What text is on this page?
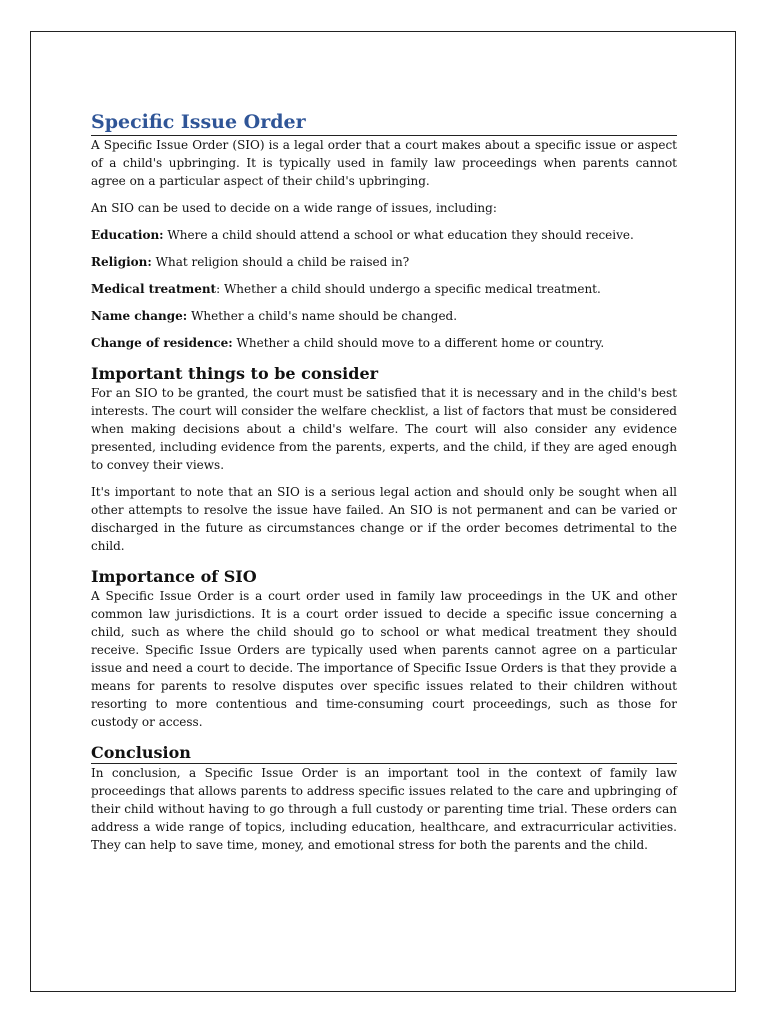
Specific Issue Order

A Specific Issue Order (SIO) is a legal order that a court makes about a specific issue or aspect of a child's upbringing. It is typically used in family law proceedings when parents cannot agree on a particular aspect of their child's upbringing.

An SIO can be used to decide on a wide range of issues, including:

Education: Where a child should attend a school or what education they should receive.

Religion: What religion should a child be raised in?

Medical treatment: Whether a child should undergo a specific medical treatment.

Name change: Whether a child's name should be changed.

Change of residence: Whether a child should move to a different home or country.

Important things to be consider

For an SIO to be granted, the court must be satisfied that it is necessary and in the child's best interests. The court will consider the welfare checklist, a list of factors that must be considered when making decisions about a child's welfare. The court will also consider any evidence presented, including evidence from the parents, experts, and the child, if they are aged enough to convey their views.

It's important to note that an SIO is a serious legal action and should only be sought when all other attempts to resolve the issue have failed. An SIO is not permanent and can be varied or discharged in the future as circumstances change or if the order becomes detrimental to the child.

Importance of SIO

A Specific Issue Order is a court order used in family law proceedings in the UK and other common law jurisdictions. It is a court order issued to decide a specific issue concerning a child, such as where the child should go to school or what medical treatment they should receive. Specific Issue Orders are typically used when parents cannot agree on a particular issue and need a court to decide. The importance of Specific Issue Orders is that they provide a means for parents to resolve disputes over specific issues related to their children without resorting to more contentious and time-consuming court proceedings, such as those for custody or access.

Conclusion

In conclusion, a Specific Issue Order is an important tool in the context of family law proceedings that allows parents to address specific issues related to the care and upbringing of their child without having to go through a full custody or parenting time trial. These orders can address a wide range of topics, including education, healthcare, and extracurricular activities. They can help to save time, money, and emotional stress for both the parents and the child.
